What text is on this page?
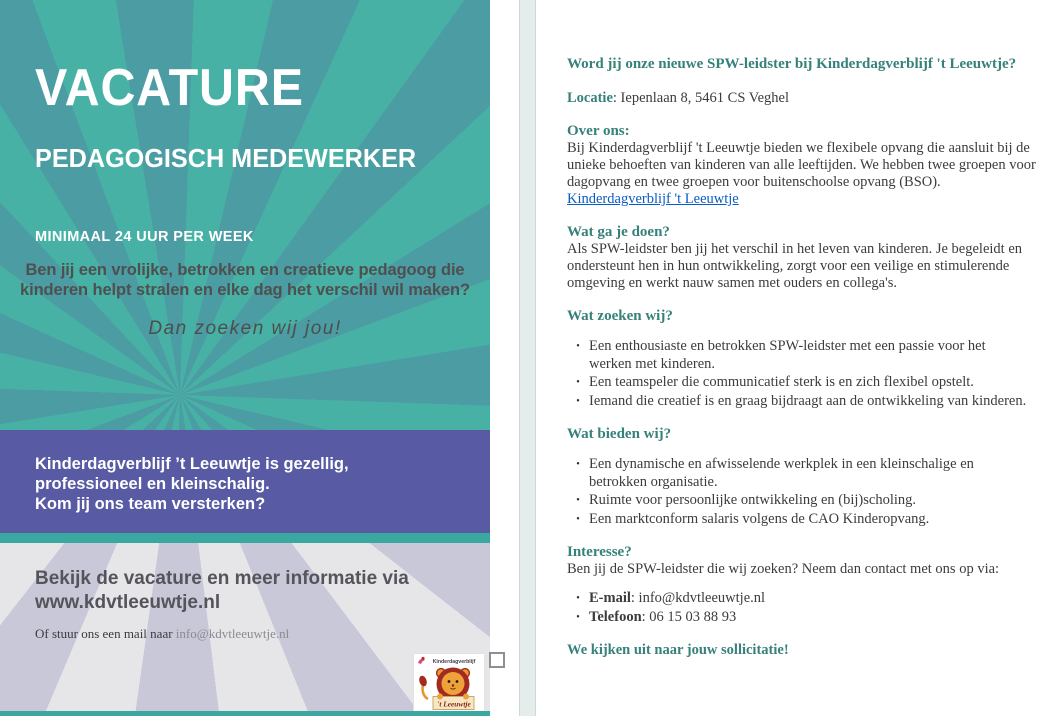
VACATURE
PEDAGOGISCH MEDEWERKER
MINIMAAL 24 UUR PER WEEK
Ben jij een vrolijke, betrokken en creatieve pedagoog die
kinderen helpt stralen en elke dag het verschil wil maken?
Dan zoeken wij jou!
Kinderdagverblijf ’t Leeuwtje is gezellig, professioneel en kleinschalig.
Kom jij ons team versterken?
Bekijk de vacature en meer informatie via
www.kdvtleeuwtje.nl
Of stuur ons een mail naar info@kdvtleeuwtje.nl
Kinderdagverblijf
't Leeuwtje
Word jij onze nieuwe SPW-leidster bij Kinderdagverblijf 't Leeuwtje?

Locatie: Iepenlaan 8, 5461 CS Veghel

Over ons:

Bij Kinderdagverblijf 't Leeuwtje bieden we flexibele opvang die aansluit bij de unieke behoeften van kinderen van alle leeftijden. We hebben twee groepen voor dagopvang en twee groepen voor buitenschoolse opvang (BSO).

Kinderdagverblijf 't Leeuwtje
Wat ga je doen?

Als SPW-leidster ben jij het verschil in het leven van kinderen. Je begeleidt en ondersteunt hen in hun ontwikkeling, zorgt voor een veilige en stimulerende omgeving en werkt nauw samen met ouders en collega's.

Wat zoeken wij?
• Een enthousiaste en betrokken SPW-leidster met een passie voor het werken met kinderen.
• Een teamspeler die communicatief sterk is en zich flexibel opstelt.
• Iemand die creatief is en graag bijdraagt aan de ontwikkeling van kinderen.
Wat bieden wij?
• Een dynamische en afwisselende werkplek in een kleinschalige en betrokken organisatie.
• Ruimte voor persoonlijke ontwikkeling en (bij)scholing.
• Een marktconform salaris volgens de CAO Kinderopvang.
Interesse?

Ben jij de SPW-leidster die wij zoeken? Neem dan contact met ons op via:

• E-mail: info@kdvtleeuwtje.nl
• Telefoon: 06 15 03 88 93

We kijken uit naar jouw sollicitatie!
